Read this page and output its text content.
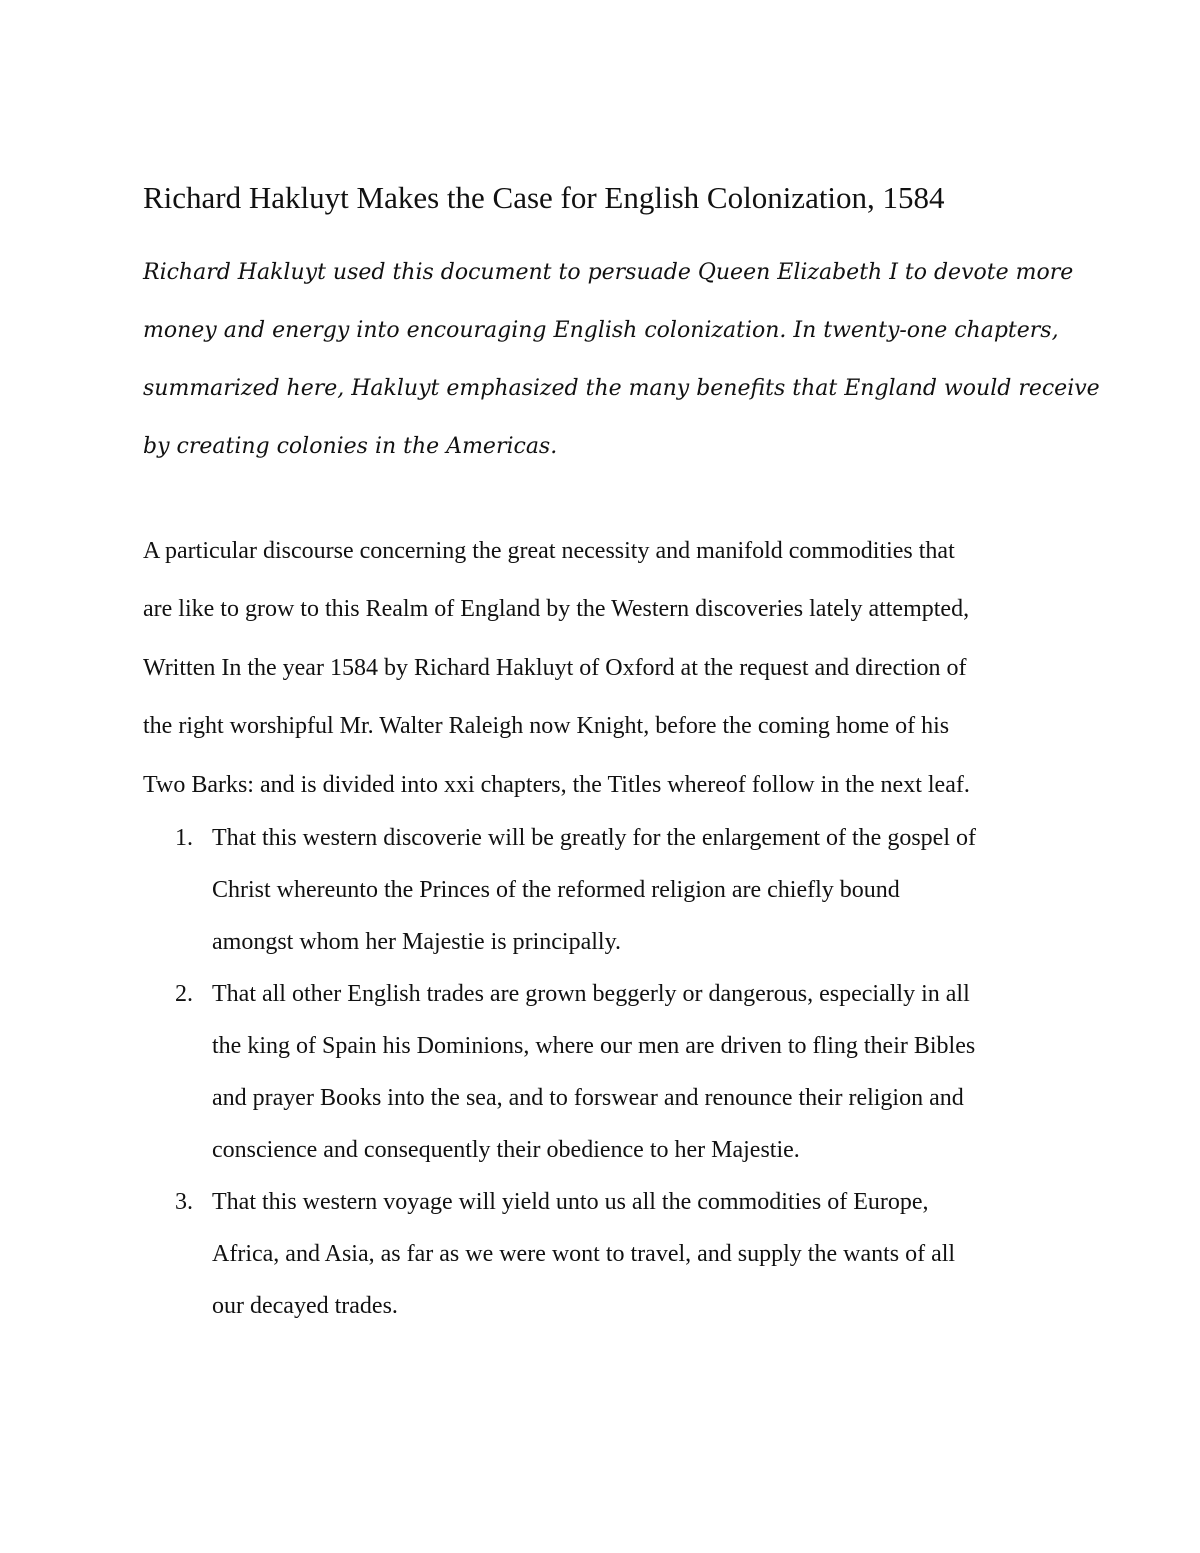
Richard Hakluyt Makes the Case for English Colonization, 1584

Richard Hakluyt used this document to persuade Queen Elizabeth I to devote more
money and energy into encouraging English colonization. In twenty-one chapters,
summarized here, Hakluyt emphasized the many benefits that England would receive
by creating colonies in the Americas.

A particular discourse concerning the great necessity and manifold commodities that
are like to grow to this Realm of England by the Western discoveries lately attempted,
Written In the year 1584 by Richard Hakluyt of Oxford at the request and direction of
the right worshipful Mr. Walter Raleigh now Knight, before the coming home of his
Two Barks: and is divided into xxi chapters, the Titles whereof follow in the next leaf.

1. That this western discoverie will be greatly for the enlargement of the gospel of
Christ whereunto the Princes of the reformed religion are chiefly bound
amongst whom her Majestie is principally.
2. That all other English trades are grown beggerly or dangerous, especially in all
the king of Spain his Dominions, where our men are driven to fling their Bibles
and prayer Books into the sea, and to forswear and renounce their religion and
conscience and consequently their obedience to her Majestie.
3. That this western voyage will yield unto us all the commodities of Europe,
Africa, and Asia, as far as we were wont to travel, and supply the wants of all
our decayed trades.
